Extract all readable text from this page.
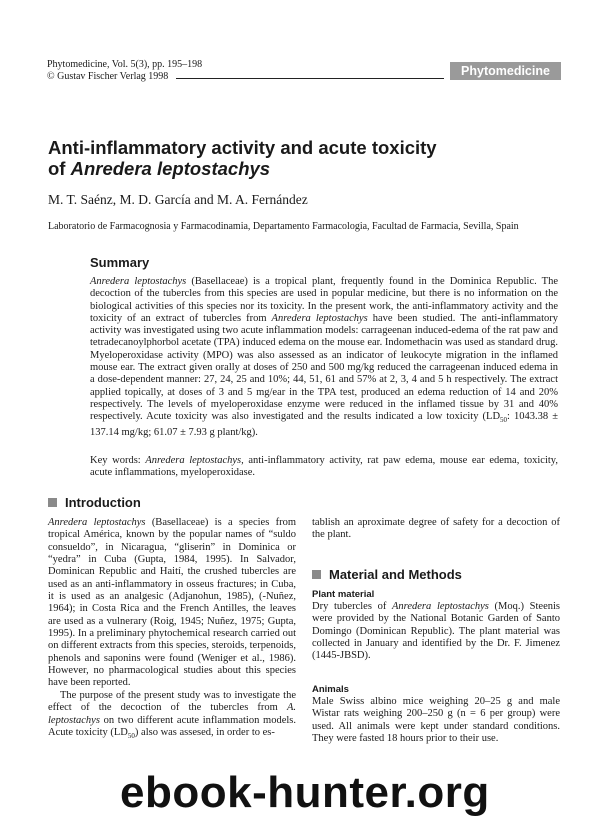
Phytomedicine, Vol. 5(3), pp. 195–198
© Gustav Fischer Verlag 1998	Phytomedicine
Anti-inflammatory activity and acute toxicity
of Anredera leptostachys
M. T. Saénz, M. D. García and M. A. Fernández
Laboratorio de Farmacognosia y Farmacodinamia, Departamento Farmacologia, Facultad de Farmacia, Sevilla, Spain
Summary
Anredera leptostachys (Basellaceae) is a tropical plant, frequently found in the Dominica Republic. The decoction of the tubercles from this species are used in popular medicine, but there is no information on the biological activities of this species nor its toxicity. In the present work, the anti-inflammatory activity and the toxicity of an extract of tubercles from Anredera leptostachys have been studied. The anti-inflammatory activity was investigated using two acute inflammation models: carrageenan induced-edema of the rat paw and tetradecanoylphorbol acetate (TPA) induced edema on the mouse ear. Indomethacin was used as standard drug. Myeloperoxidase activity (MPO) was also assessed as an indicator of leukocyte migration in the inflamed mouse ear. The extract given orally at doses of 250 and 500 mg/kg reduced the carrageenan induced edema in a dose-dependent manner: 27, 24, 25 and 10%; 44, 51, 61 and 57% at 2, 3, 4 and 5 h respectively. The extract applied topically, at doses of 3 and 5 mg/ear in the TPA test, produced an edema reduction of 14 and 20% respectively. The levels of myeloperoxidase enzyme were reduced in the inflamed tissue by 31 and 40% respectively. Acute toxicity was also investigated and the results indicated a low toxicity ($LD_{50}$: 1043.38 ± 137.14 mg/kg; 61.07 ± 7.93 g plant/kg).
Key words: Anredera leptostachys, anti-inflammatory activity, rat paw edema, mouse ear edema, toxicity, acute inflammations, myeloperoxidase.
Introduction

Anredera leptostachys (Basellaceae) is a species from tropical América, known by the popular names of “suldo consueldo”, in Nicaragua, “gliserin” in Dominica or “yedra” in Cuba (Gupta, 1984, 1995). In Salvador, Dominican Republic and Haití, the crushed tubercles are used as an anti-inflammatory in osseus fractures; in Cuba, it is used as an analgesic (Adjanohun, 1985), (-Nuñez, 1964); in Costa Rica and the French Antilles, the leaves are used as a vulnerary (Roig, 1945; Nuñez, 1975; Gupta, 1995). In a preliminary phytochemical research carried out on different extracts from this species, steroids, terpenoids, phenols and saponins were found (Weniger et al., 1986). However, no pharmacological studies about this species have been reported.

The purpose of the present study was to investigate the effect of the decoction of the tubercles from A. leptostachys on two different acute inflammation models. Acute toxicity $(LD_{50})$ also was assesed, in order to es-

tablish an aproximate degree of safety for a decoction of the plant.
Material and Methods
Plant material
Dry tubercles of Anredera leptostachys (Moq.) Steenis were provided by the National Botanic Garden of Santo Domingo (Dominican Republic). The plant material was collected in January and identified by the Dr. F. Jimenez (1445-JBSD).
Animals
Male Swiss albino mice weighing 20–25 g and male Wistar rats weighing 200–250 g (n = 6 per group) were used. All animals were kept under standard conditions. They were fasted 18 hours prior to their use.
ebook-hunter.org
